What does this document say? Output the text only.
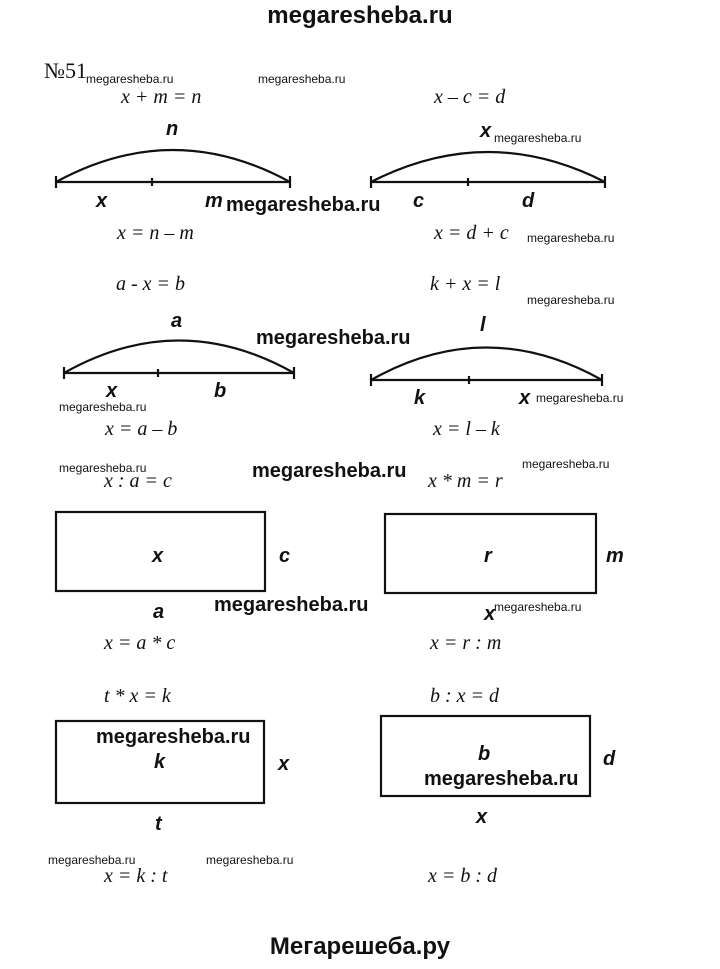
megaresheba.ru
№51
x + m = n
n
x	m
x = n – m
x – c = d
x
c	d
x = d + c
a - x = b
a
x	b
x = a – b
k + x = l
l
k	x
x = l – k
x : a = c
x	c
a
x = a * c
x * m = r
r	m
x
x = r : m
t * x = k
k	x
t
x = k : t
b : x = d
b	d
x
x = b : d
megaresheba.ru	megaresheba.ru
megaresheba.ru
megaresheba.ru
megaresheba.ru
megaresheba.ru
megaresheba.ru
megaresheba.ru
megaresheba.ru
megaresheba.ru	megaresheba.ru	megaresheba.ru
megaresheba.ru	megaresheba.ru
megaresheba.ru
megaresheba.ru
megaresheba.ru	megaresheba.ru
Мегарешеба.ру
